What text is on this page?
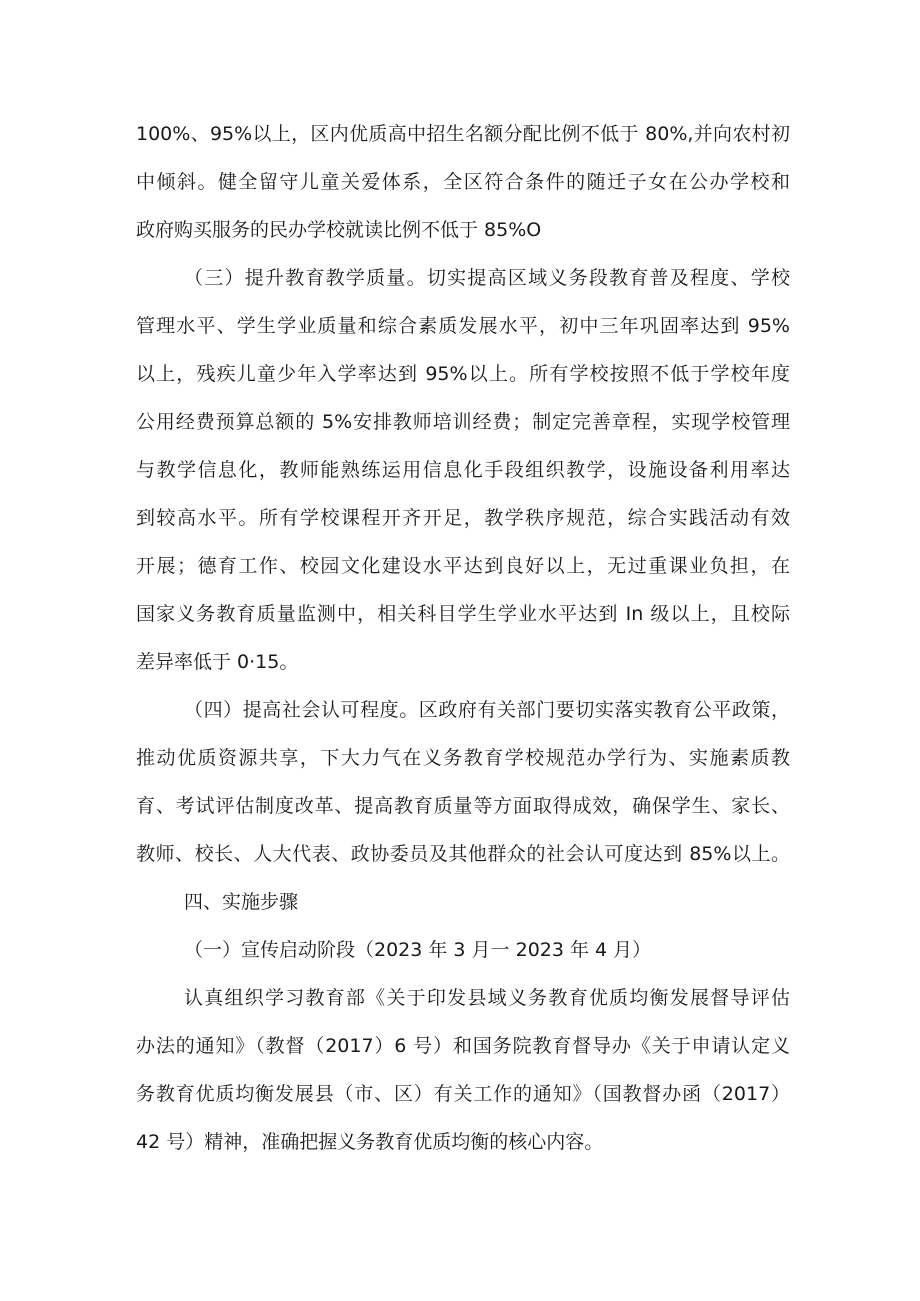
100%、95%以上，区内优质高中招生名额分配比例不低于 80%,并向农村初
中倾斜。健全留守儿童关爱体系，全区符合条件的随迁子女在公办学校和
政府购买服务的民办学校就读比例不低于 85%O
（三）提升教育教学质量。切实提高区域义务段教育普及程度、学校
管理水平、学生学业质量和综合素质发展水平，初中三年巩固率达到 95%
以上，残疾儿童少年入学率达到 95%以上。所有学校按照不低于学校年度
公用经费预算总额的 5%安排教师培训经费；制定完善章程，实现学校管理
与教学信息化，教师能熟练运用信息化手段组织教学，设施设备利用率达
到较高水平。所有学校课程开齐开足，教学秩序规范，综合实践活动有效
开展；德育工作、校园文化建设水平达到良好以上，无过重课业负担，在
国家义务教育质量监测中，相关科目学生学业水平达到 In 级以上，且校际
差异率低于 0·15。
（四）提高社会认可程度。区政府有关部门要切实落实教育公平政策，
推动优质资源共享，下大力气在义务教育学校规范办学行为、实施素质教
育、考试评估制度改革、提高教育质量等方面取得成效，确保学生、家长、
教师、校长、人大代表、政协委员及其他群众的社会认可度达到 85%以上。
四、实施步骤
（一）宣传启动阶段（2023 年 3 月一 2023 年 4 月）
认真组织学习教育部《关于印发县域义务教育优质均衡发展督导评估
办法的通知》（教督（2017）6 号）和国务院教育督导办《关于申请认定义
务教育优质均衡发展县（市、区）有关工作的通知》（国教督办函（2017）
42 号）精神，准确把握义务教育优质均衡的核心内容。
